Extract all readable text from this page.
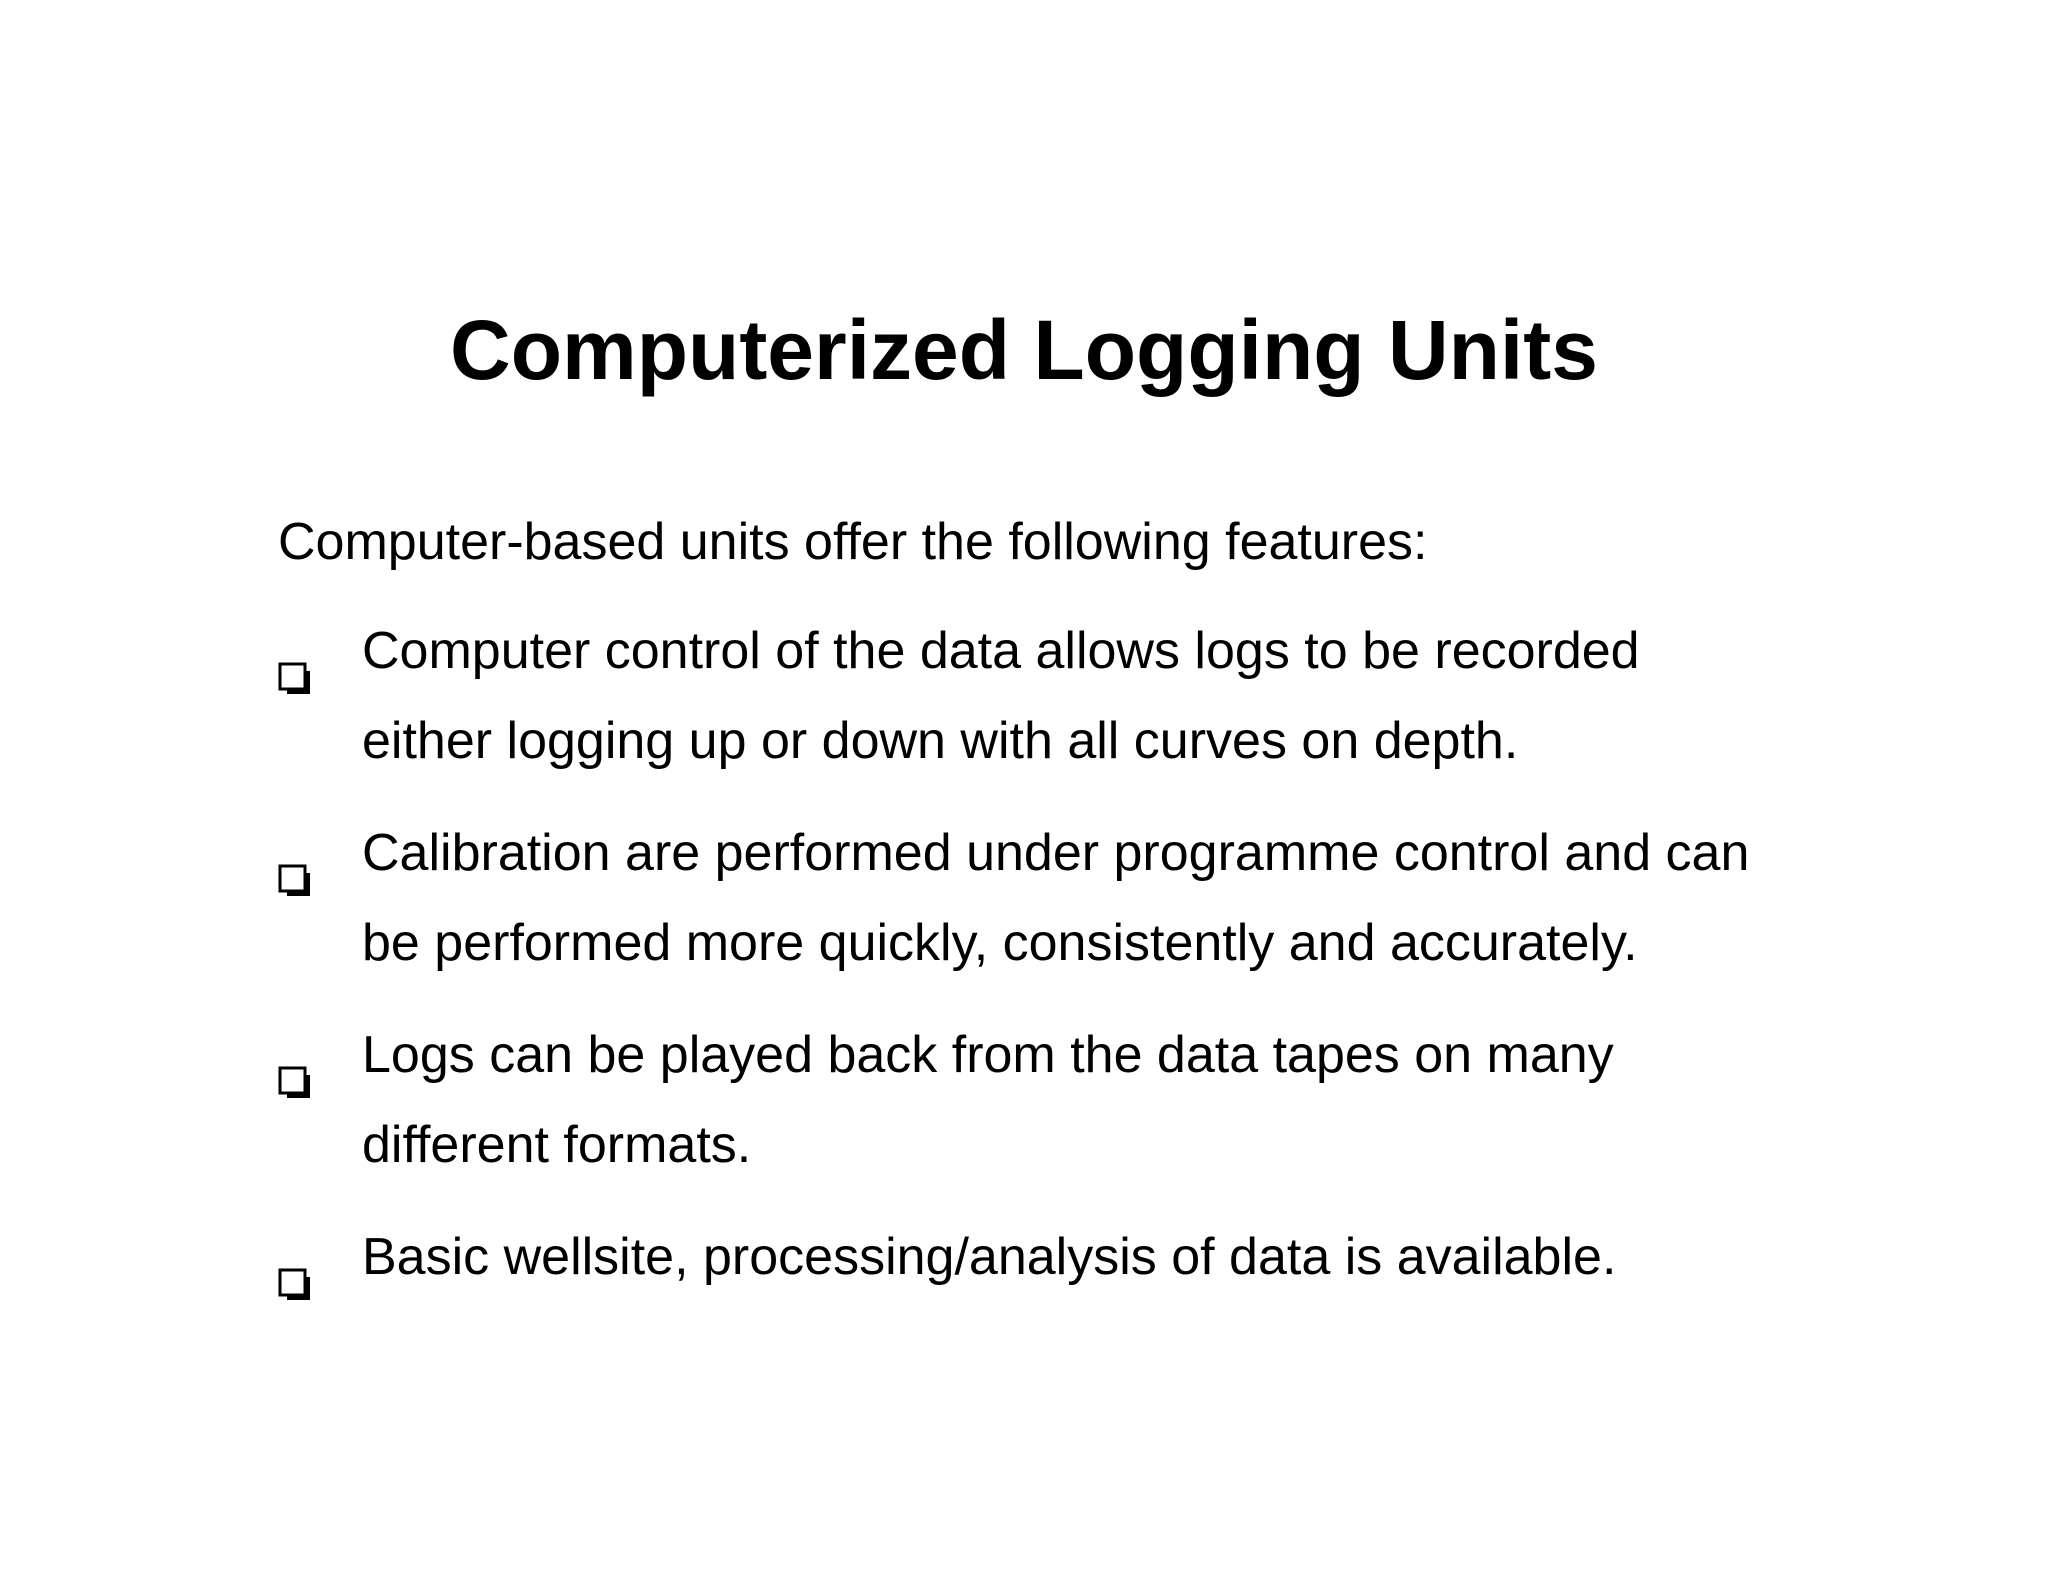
Computerized Logging Units
Computer-based units offer the following features:
Computer control of the data allows logs to be recorded
either logging up or down with all curves on depth.
Calibration are performed under programme control and can
be performed more quickly, consistently and accurately.
Logs can be played back from the data tapes on many
different formats.
Basic wellsite, processing/analysis of data is available.
